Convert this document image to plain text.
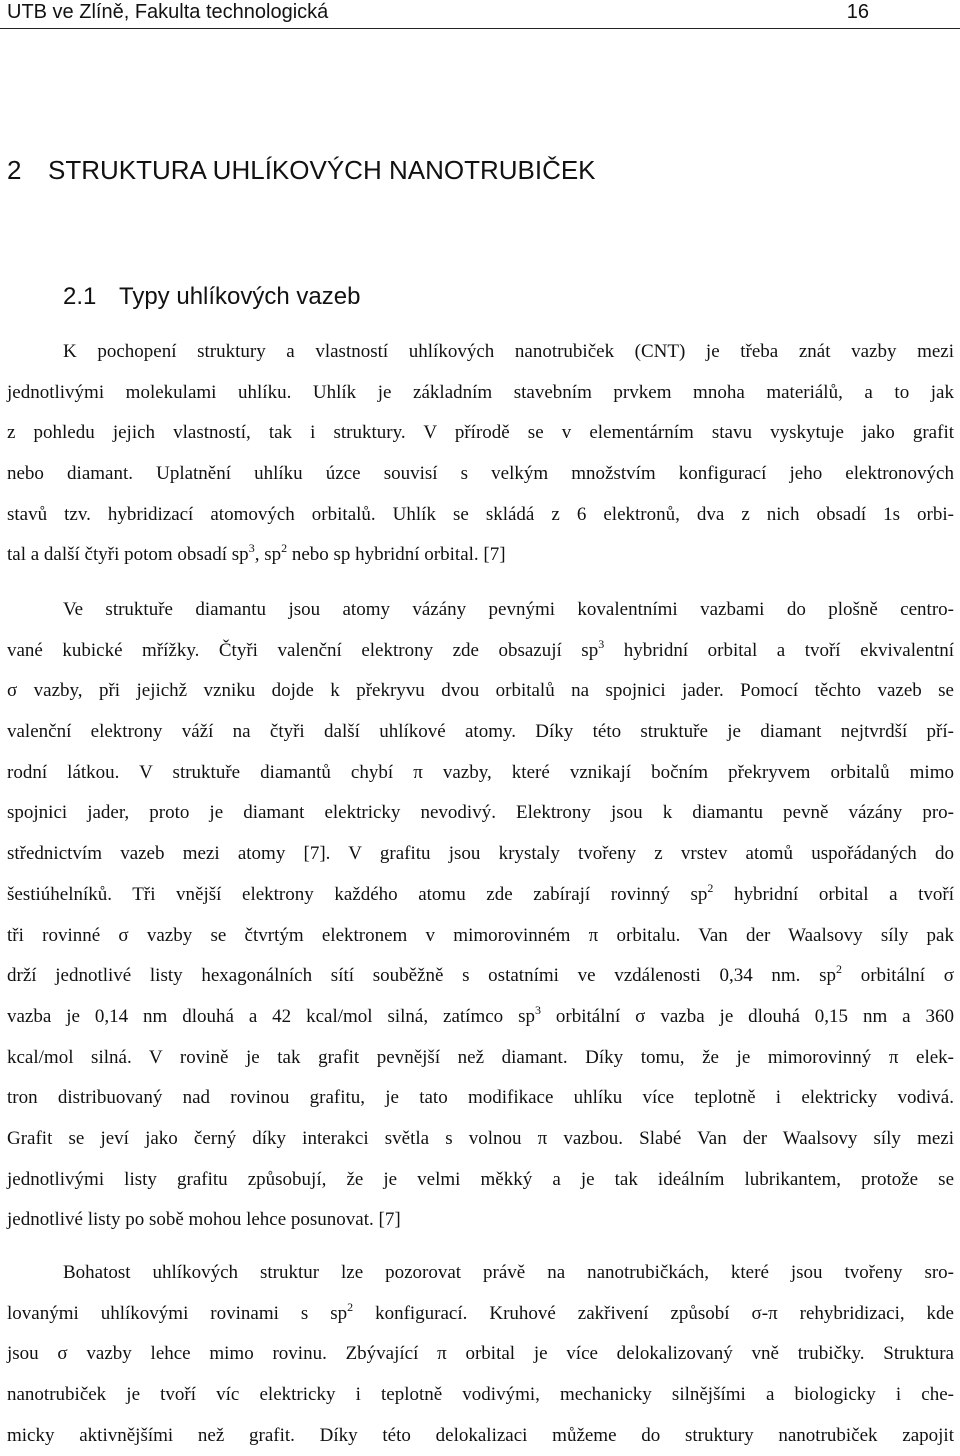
UTB ve Zlíně, Fakulta technologická	16
2 STRUKTURA UHLÍKOVÝCH NANOTRUBIČEK
2.1 Typy uhlíkových vazeb
K pochopení struktury a vlastností uhlíkových nanotrubiček (CNT) je třeba znát vazby mezi
jednotlivými molekulami uhlíku. Uhlík je základním stavebním prvkem mnoha materiálů, a to jak
z pohledu jejich vlastností, tak i struktury. V přírodě se v elementárním stavu vyskytuje jako grafit
nebo diamant. Uplatnění uhlíku úzce souvisí s velkým množstvím konfigurací jeho elektronových
stavů tzv. hybridizací atomových orbitalů. Uhlík se skládá z 6 elektronů, dva z nich obsadí 1s orbi-
tal a další čtyři potom obsadí $sp^3$, $sp^2$ nebo sp hybridní orbital. [7]
Ve struktuře diamantu jsou atomy vázány pevnými kovalentními vazbami do plošně centro-
vané kubické mřížky. Čtyři valenční elektrony zde obsazují $sp^3$ hybridní orbital a tvoří ekvivalentní
σ vazby, při jejichž vzniku dojde k překryvu dvou orbitalů na spojnici jader. Pomocí těchto vazeb se
valenční elektrony váží na čtyři další uhlíkové atomy. Díky této struktuře je diamant nejtvrdší pří-
rodní látkou. V struktuře diamantů chybí π vazby, které vznikají bočním překryvem orbitalů mimo
spojnici jader, proto je diamant elektricky nevodivý. Elektrony jsou k diamantu pevně vázány pro-
střednictvím vazeb mezi atomy [7]. V grafitu jsou krystaly tvořeny z vrstev atomů uspořádaných do
šestiúhelníků. Tři vnější elektrony každého atomu zde zabírají rovinný $sp^2$ hybridní orbital a tvoří
tři rovinné σ vazby se čtvrtým elektronem v mimorovinném π orbitalu. Van der Waalsovy síly pak
drží jednotlivé listy hexagonálních sítí souběžně s ostatními ve vzdálenosti 0,34 nm. $sp^2$ orbitální σ
vazba je 0,14 nm dlouhá a 42 kcal/mol silná, zatímco $sp^3$ orbitální σ vazba je dlouhá 0,15 nm a 360
kcal/mol silná. V rovině je tak grafit pevnější než diamant. Díky tomu, že je mimorovinný π elek-
tron distribuovaný nad rovinou grafitu, je tato modifikace uhlíku více teplotně i elektricky vodivá.
Grafit se jeví jako černý díky interakci světla s volnou π vazbou. Slabé Van der Waalsovy síly mezi
jednotlivými listy grafitu způsobují, že je velmi měkký a je tak ideálním lubrikantem, protože se
jednotlivé listy po sobě mohou lehce posunovat. [7]
Bohatost uhlíkových struktur lze pozorovat právě na nanotrubičkách, které jsou tvořeny sro-
lovanými uhlíkovými rovinami s $sp^2$ konfigurací. Kruhové zakřivení způsobí σ-π rehybridizaci, kde
jsou σ vazby lehce mimo rovinu. Zbývající π orbital je více delokalizovaný vně trubičky. Struktura
nanotrubiček je tvoří víc elektricky i teplotně vodivými, mechanicky silnějšími a biologicky i che-
micky aktivnějšími než grafit. Díky této delokalizaci můžeme do struktury nanotrubiček zapojit
